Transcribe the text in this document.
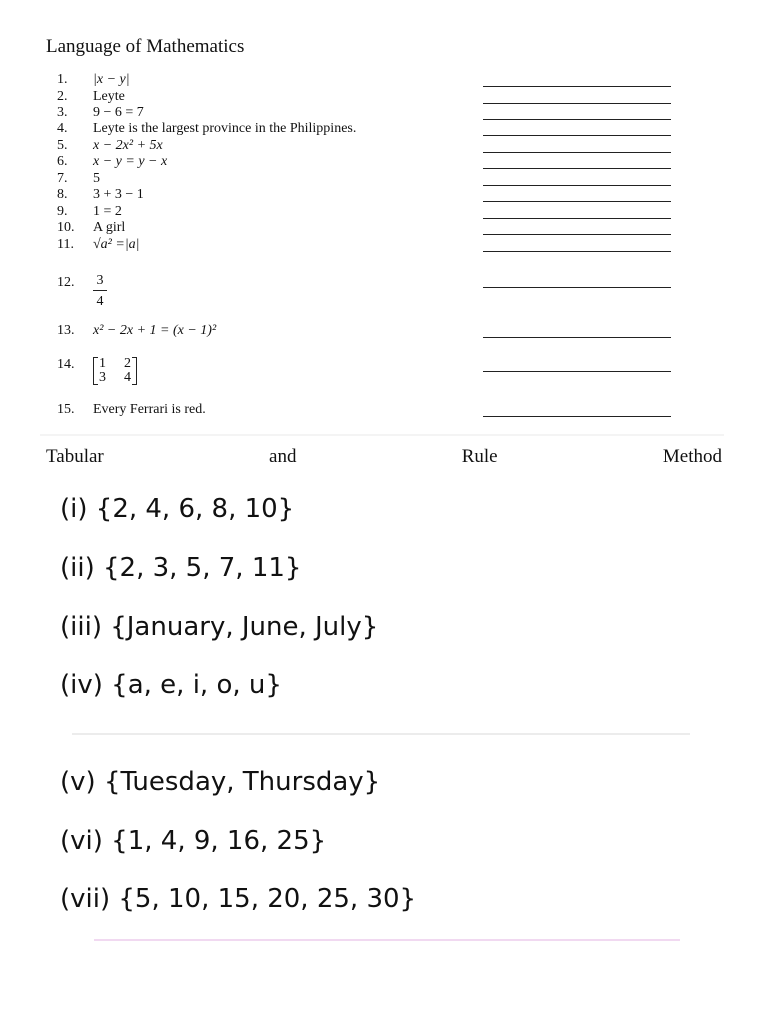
Language of Mathematics
1.	|x − y|
2.	Leyte
3.	9 − 6 = 7
4.	Leyte is the largest province in the Philippines.
5.	x − 2x² + 5x
6.	x − y = y − x
7.	5
8.	3 + 3 − 1
9.	1 = 2
10.	A girl
11.	√a² =|a|
12.	$\frac{3}{4}$
13.	x² − 2x + 1 = (x − 1)²
14.	1 2
3 4
15.	Every Ferrari is red.
Tabular	and	Rule	Method
(i) {2, 4, 6, 8, 10}
(ii) {2, 3, 5, 7, 11}
(iii) {January, June, July}
(iv) {a, e, i, o, u}
(v) {Tuesday, Thursday}
(vi) {1, 4, 9, 16, 25}
(vii) {5, 10, 15, 20, 25, 30}
